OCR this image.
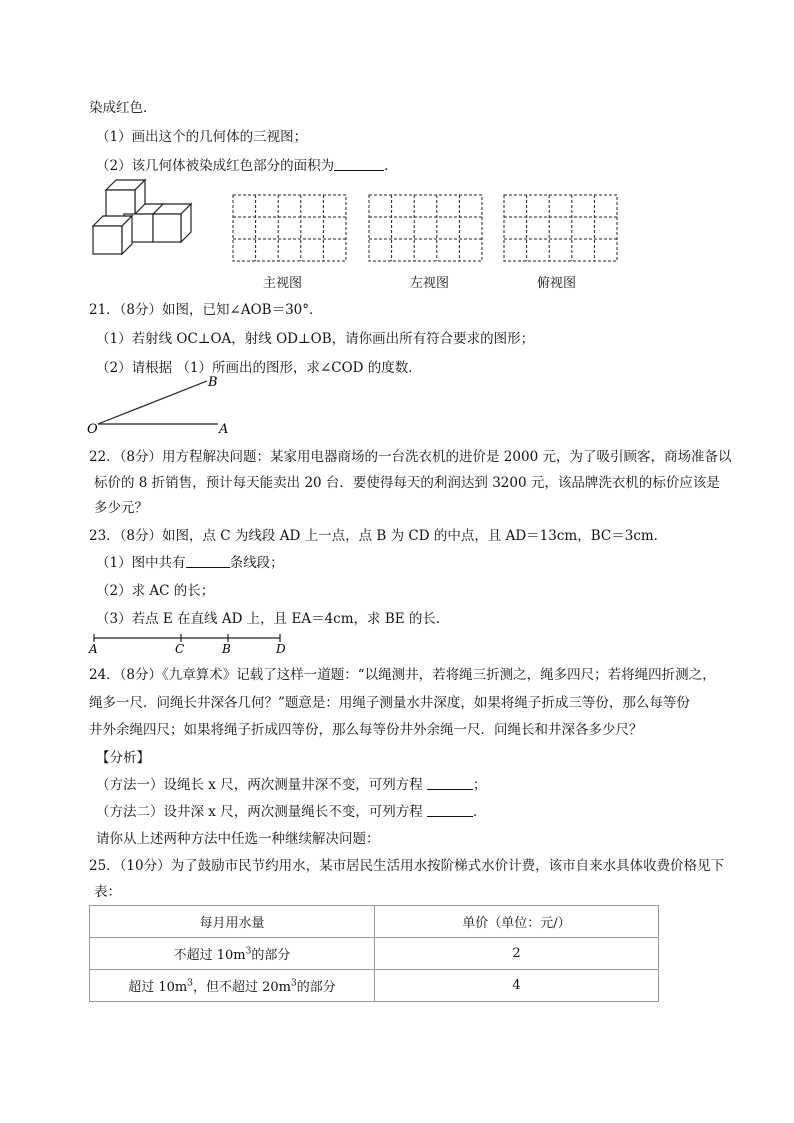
染成红色．
（1）画出这个的几何体的三视图；
（2）该几何体被染成红色部分的面积为	．
主视图	左视图	俯视图
21．（8分）如图，已知∠AOB＝30°．
（1）若射线 OC⊥OA，射线 OD⊥OB，请你画出所有符合要求的图形；
（2）请根据 （1）所画出的图形，求∠COD 的度数．
B
O	A
22．（8分）用方程解决问题：某家用电器商场的一台洗衣机的进价是 2000 元，为了吸引顾客，商场准备以
标价的 8 折销售，预计每天能卖出 20 台．要使得每天的利润达到 3200 元，该品牌洗衣机的标价应该是
多少元？
23．（8分）如图，点 C 为线段 AD 上一点，点 B 为 CD 的中点，且 AD＝13cm，BC＝3cm．
（1）图中共有	条线段；
（2）求 AC 的长；
（3）若点 E 在直线 AD 上，且 EA＝4cm，求 BE 的长．
A	C	B	D
24．（8分）《九章算术》记载了这样一道题：“以绳测井，若将绳三折测之，绳多四尺；若将绳四折测之，
绳多一尺．问绳长井深各几何？”题意是：用绳子测量水井深度，如果将绳子折成三等份，那么每等份
井外余绳四尺；如果将绳子折成四等份，那么每等份井外余绳一尺．问绳长和井深各多少尺？
【分析】
（方法一）设绳长 x 尺，两次测量井深不变，可列方程	；
（方法二）设井深 x 尺，两次测量绳长不变，可列方程	．
请你从上述两种方法中任选一种继续解决问题：
25．（10分）为了鼓励市民节约用水，某市居民生活用水按阶梯式水价计费，该市自来水具体收费价格见下
表：
每月用水量	单价（单位：元/）
不超过 $10m^3$的部分	2
超过 $10m^3$，但不超过 $20m^3$的部分	4
